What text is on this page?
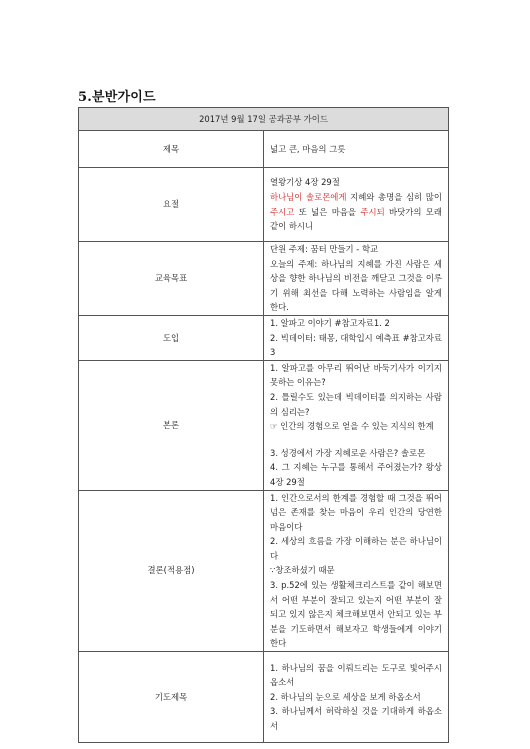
5.분반가이드
2017년 9월 17일 공과공부 가이드	
제목	넓고 큰, 마음의 그릇
요절	열왕기상 4장 29절
하나님이 솔로몬에게 지혜와 총명을 심히 많이 주시고 또 넓은 마음을 주시되 바닷가의 모래 같이 하시니

교육목표	단원 주제: 꿈터 만들기 - 학교
오늘의 주제: 하나님의 지혜를 가진 사람은 세상을 향한 하나님의 비전을 깨닫고 그것을 이루기 위해 최선을 다해 노력하는 사람임을 알게 한다.

도입	1. 알파고 이야기 #참고자료1. 2
2. 빅데이터: 태몽, 대학입시 예측표 #참고자료3

본론	1. 알파고를 아무리 뛰어난 바둑기사가 이기지 못하는 이유는?
2. 틀릴수도 있는데 빅데이터를 의지하는 사람의 심리는?
☞ 인간의 경험으로 얻을 수 있는 지식의 한계
3. 성경에서 가장 지혜로운 사람은? 솔로몬
4. 그 지혜는 누구를 통해서 주어졌는가? 왕상 4장 29절

결론(적용점)	1. 인간으로서의 한계를 경험할 때 그것을 뛰어넘은 존재를 찾는 마음이 우리 인간의 당연한 마음이다
2. 세상의 흐름을 가장 이해하는 분은 하나님이다
∵창조하셨기 때문
3. p.52에 있는 생활체크리스트를 같이 해보면서 어떤 부분이 잘되고 있는지 어떤 부분이 잘되고 있지 않은지 체크해보면서 안되고 있는 부분을 기도하면서 해보자고 학생들에게 이야기한다

기도제목	1. 하나님의 꿈을 이뤄드리는 도구로 빛어주시옵소서
2. 하나님의 눈으로 세상을 보게 하옵소서
3. 하나님께서 허락하실 것을 기대하게 하옵소서
